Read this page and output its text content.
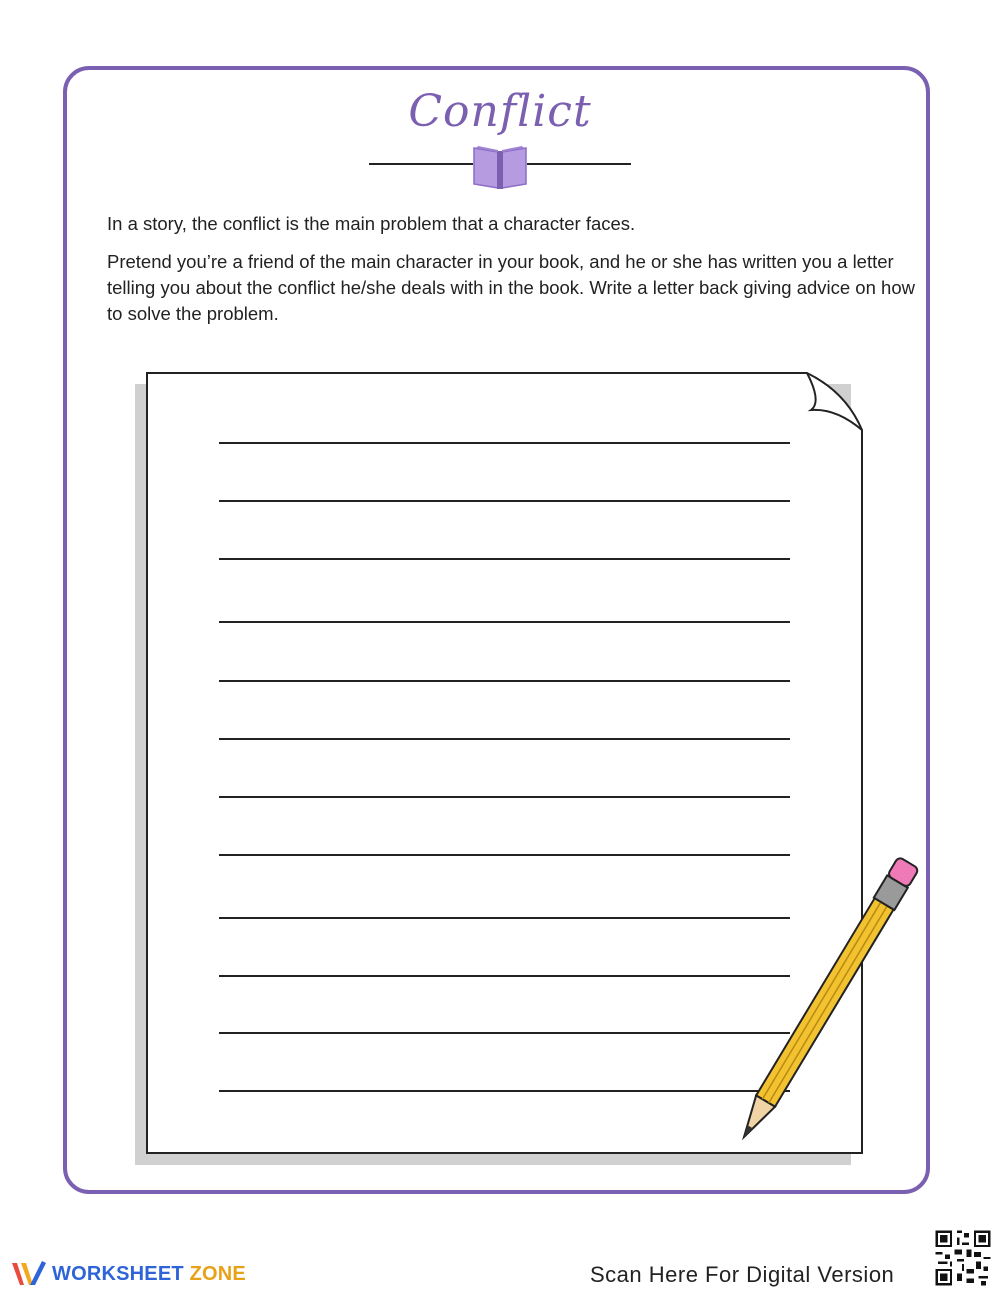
Conflict

In a story, the conflict is the main problem that a character faces.

Pretend you’re a friend of the main character in your book, and he or she has written you a letter telling you about the conflict he/she deals with in the book. Write a letter back giving advice on how to solve the problem.

WORKSHEET ZONE	Scan Here For Digital Version
